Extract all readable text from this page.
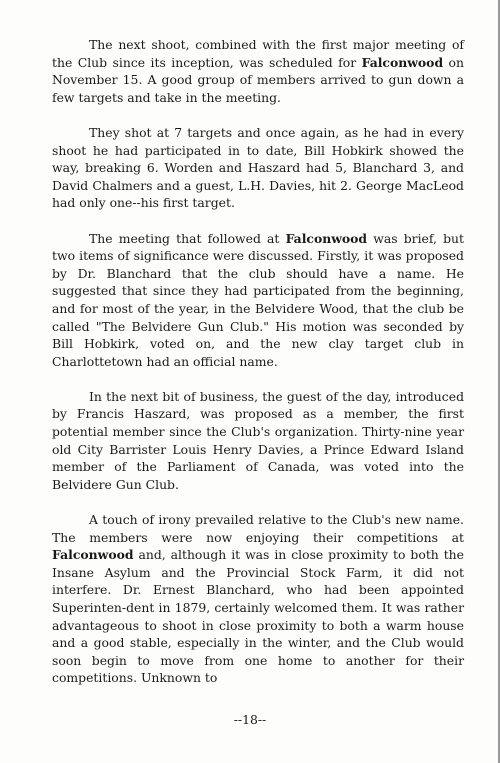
The next shoot, combined with the first major meeting of the Club since its inception, was scheduled for Falconwood on November 15. A good group of members arrived to gun down a few targets and take in the meeting.

They shot at 7 targets and once again, as he had in every shoot he had participated in to date, Bill Hobkirk showed the way, breaking 6. Worden and Haszard had 5, Blanchard 3, and David Chalmers and a guest, L.H. Davies, hit 2. George MacLeod had only one--his first target.

The meeting that followed at Falconwood was brief, but two items of significance were discussed. Firstly, it was proposed by Dr. Blanchard that the club should have a name. He suggested that since they had participated from the beginning, and for most of the year, in the Belvidere Wood, that the club be called "The Belvidere Gun Club." His motion was seconded by Bill Hobkirk, voted on, and the new clay target club in Charlottetown had an official name.

In the next bit of business, the guest of the day, introduced by Francis Haszard, was proposed as a member, the first potential member since the Club's organization. Thirty-nine year old City Barrister Louis Henry Davies, a Prince Edward Island member of the Parliament of Canada, was voted into the Belvidere Gun Club.

A touch of irony prevailed relative to the Club's new name. The members were now enjoying their competitions at Falconwood and, although it was in close proximity to both the Insane Asylum and the Provincial Stock Farm, it did not interfere. Dr. Ernest Blanchard, who had been appointed Superinten-dent in 1879, certainly welcomed them. It was rather advantageous to shoot in close proximity to both a warm house and a good stable, especially in the winter, and the Club would soon begin to move from one home to another for their competitions. Unknown to

--18--
